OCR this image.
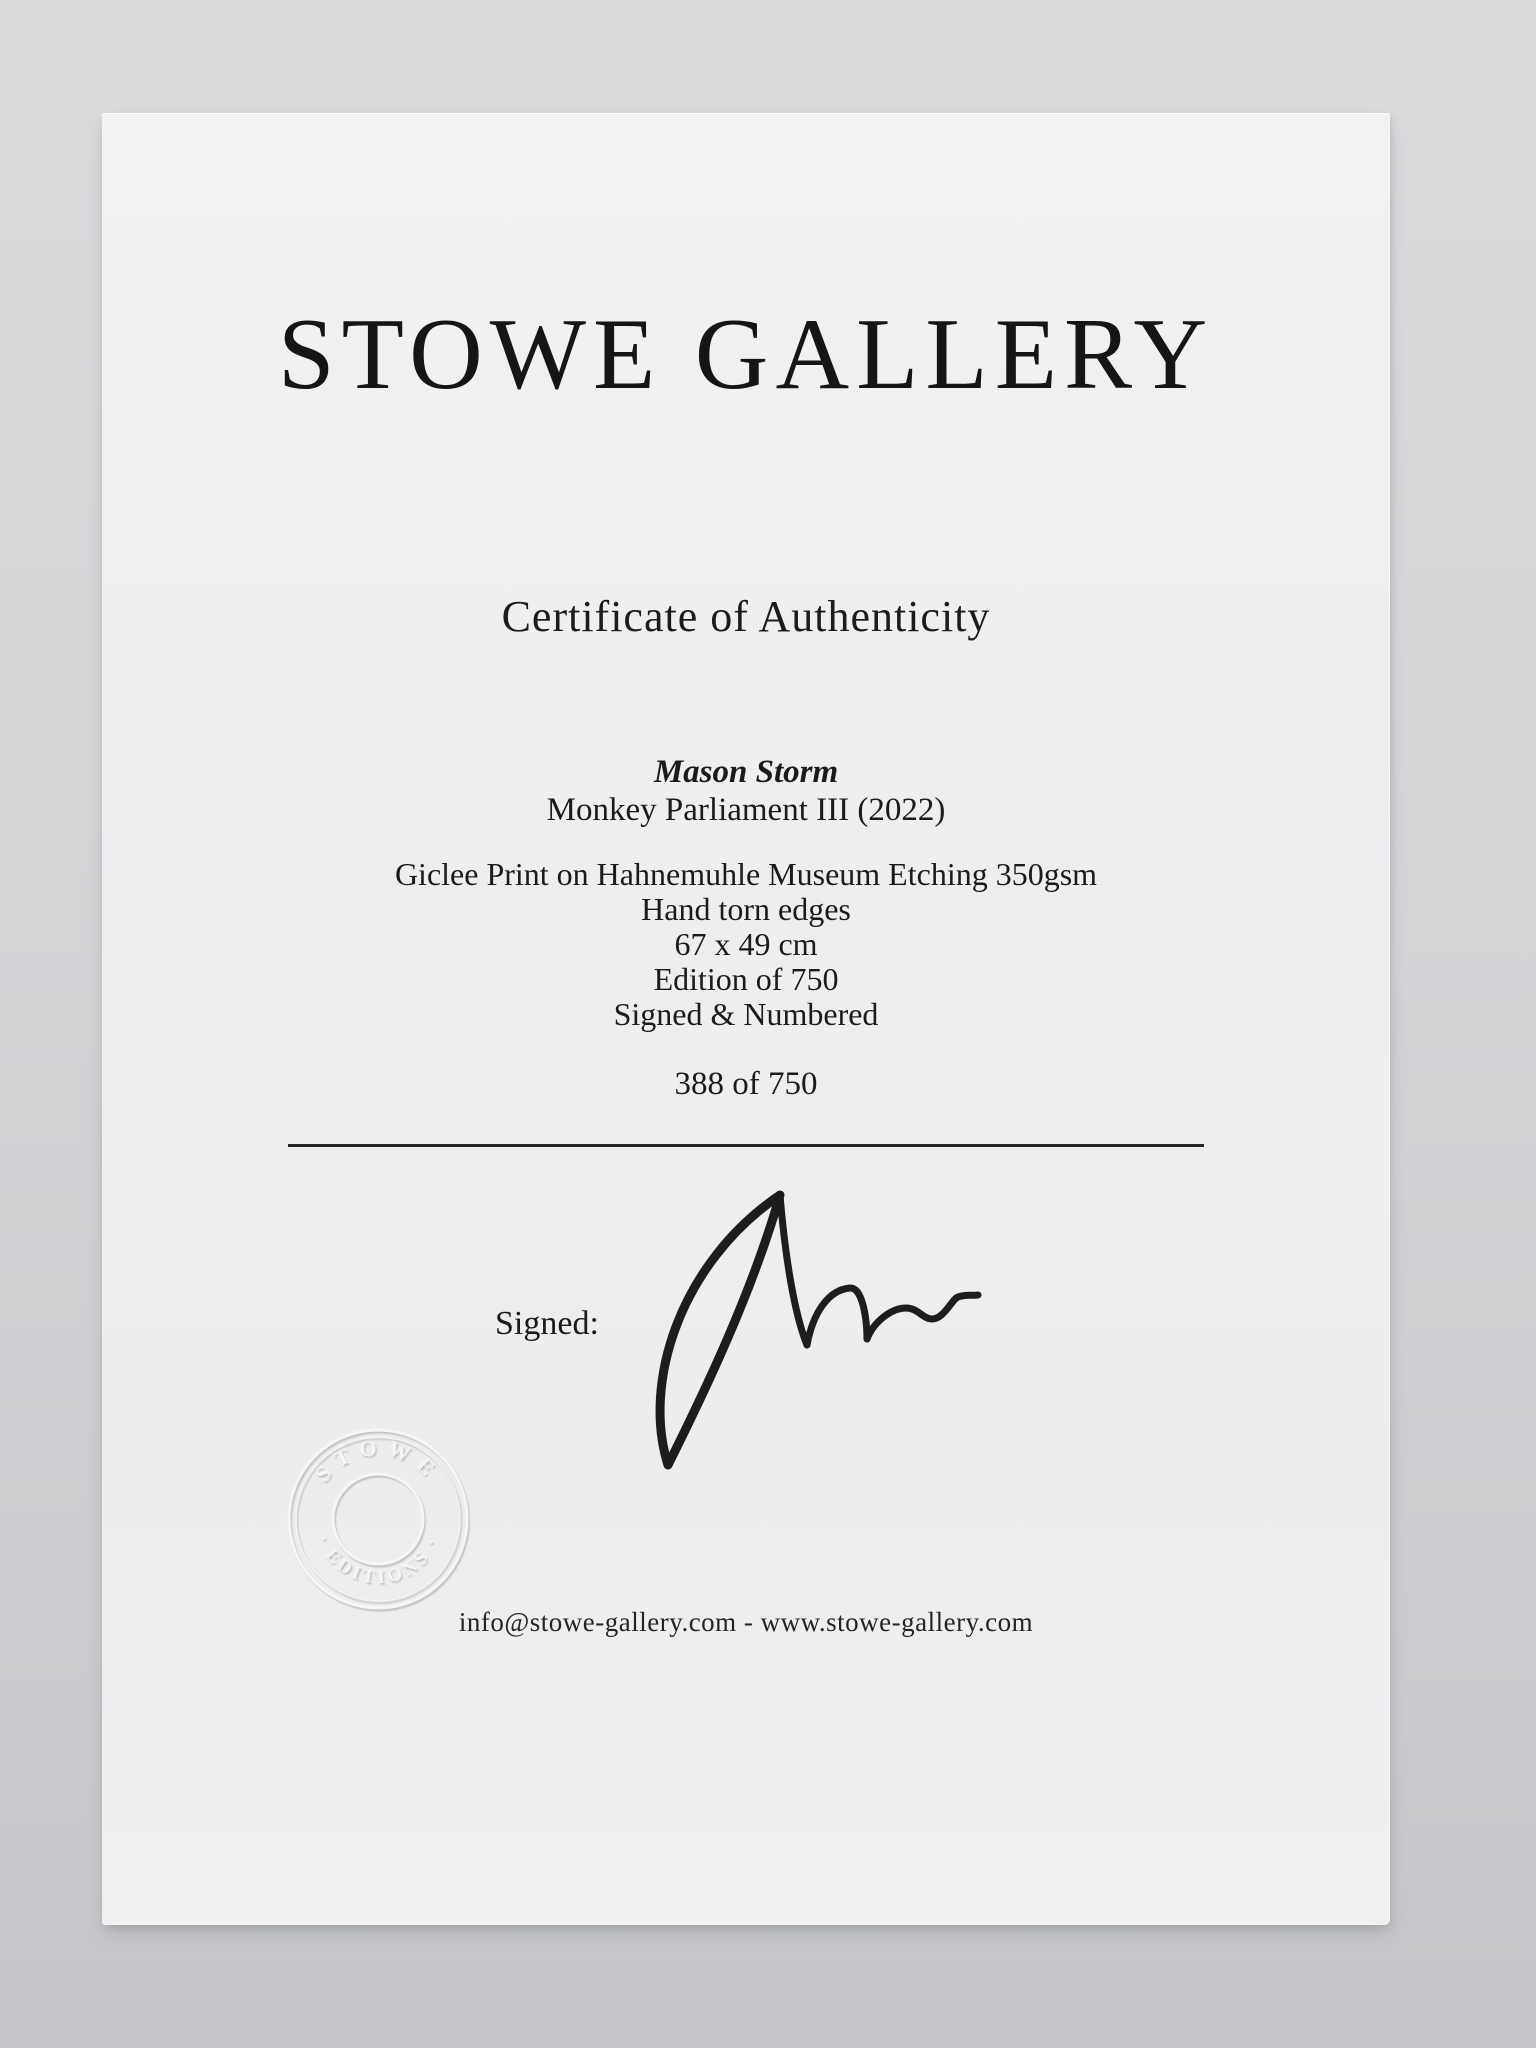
STOWE GALLERY
Certificate of Authenticity
Mason Storm
Monkey Parliament III (2022)
Giclee Print on Hahnemuhle Museum Etching 350gsm
Hand torn edges
67 x 49 cm
Edition of 750
Signed & Numbered
388 of 750
Signed:
STOWE
· EDITIONS ·
info@stowe-gallery.com - www.stowe-gallery.com
